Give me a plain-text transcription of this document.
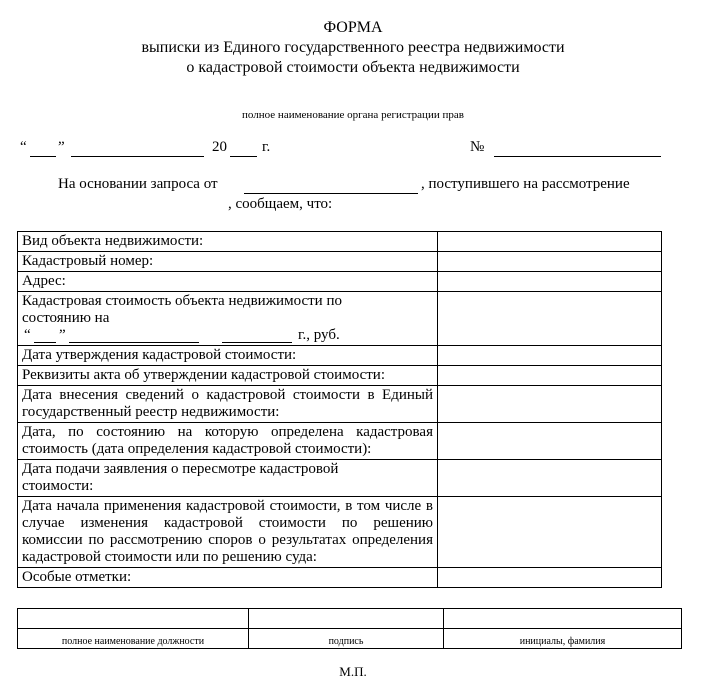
ФОРМА
выписки из Единого государственного реестра недвижимости
о кадастровой стоимости объекта недвижимости
полное наименование органа регистрации прав
“ ”	20 г.	№
На основании запроса от	, поступившего на рассмотрение
, сообщаем, что:
Вид объекта недвижимости:	
Кадастровый номер:	
Адрес:	

Кадастровая стоимость объекта недвижимости по состоянию на
“ ” г., руб.	

Дата утверждения кадастровой стоимости:	
Реквизиты акта об утверждении кадастровой стоимости:	
Дата внесения сведений о кадастровой стоимости в Единый государственный реестр недвижимости:	
Дата, по состоянию на которую определена кадастровая стоимость (дата определения кадастровой стоимости):	
Дата подачи заявления о пересмотре кадастровой стоимости:	
Дата начала применения кадастровой стоимости, в том числе в случае изменения кадастровой стоимости по решению комиссии по рассмотрению споров о результатах определения кадастровой стоимости или по решению суда:	
Особые отметки:	

полное наименование должности	подпись	инициалы, фамилия
М.П.
